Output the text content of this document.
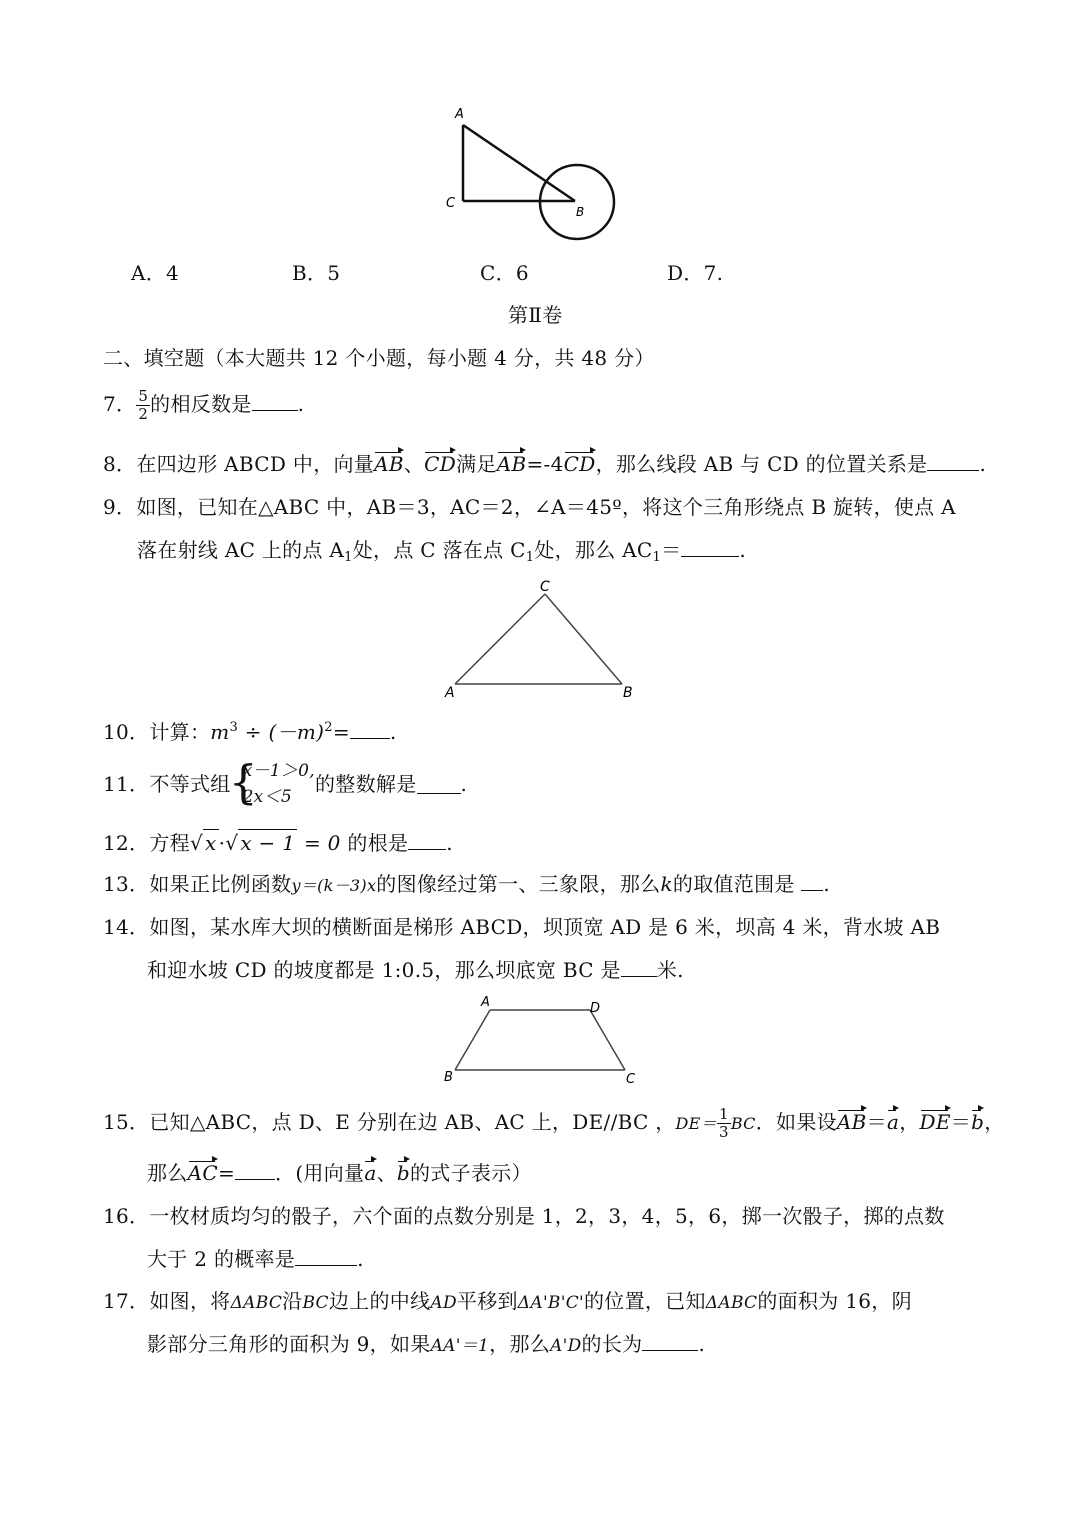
A
C
B
A．4	B．5	C．6	D．7.
第Ⅱ卷
二、填空题（本大题共 12 个小题，每小题 4 分，共 48 分）
7． $\frac{5}{2}$ 的相反数是 .
8．在四边形 ABCD 中，向量AB、CD满足AB=-4CD，那么线段 AB 与 CD 的位置关系是	.
9．如图，已知在△ABC 中，AB＝3，AC＝2，∠A＝45º，将这个三角形绕点 B 旋转，使点 A
落在射线 AC 上的点 $A_1$处，点 C 落在点 $C_1$处，那么 $AC_1=$	.
C
A	B
10．计算：$m^3 \div (-m)^2=$ .
11．不等式组
{ x－1＞0,
2x＜5
的整数解是 .
12．方程√ x ·√ x − 1 = 0 的根是 .
13．如果正比例函数y＝(k－3)x的图像经过第一、三象限，那么k的取值范围是 .
14．如图，某水库大坝的横断面是梯形 ABCD，坝顶宽 AD 是 6 米，坝高 4 米，背水坡 AB
和迎水坡 CD 的坡度都是 1:0.5，那么坝底宽 BC 是 米.
A	D
B	C
15．已知△ABC，点 D、E 分别在边 AB、AC 上，DE//BC ，$DE= \frac{1}{3}$ BC．如果设AB＝a，DE＝b，
那么AC= ．(用向量a、b的式子表示）
16．一枚材质均匀的骰子，六个面的点数分别是 1，2，3，4，5，6，掷一次骰子，掷的点数
大于 2 的概率是	.
17．如图，将ΔABC沿BC边上的中线AD平移到ΔA'B'C'的位置，已知ΔABC的面积为 16，阴
影部分三角形的面积为 9，如果AA'＝1，那么A'D的长为	.
